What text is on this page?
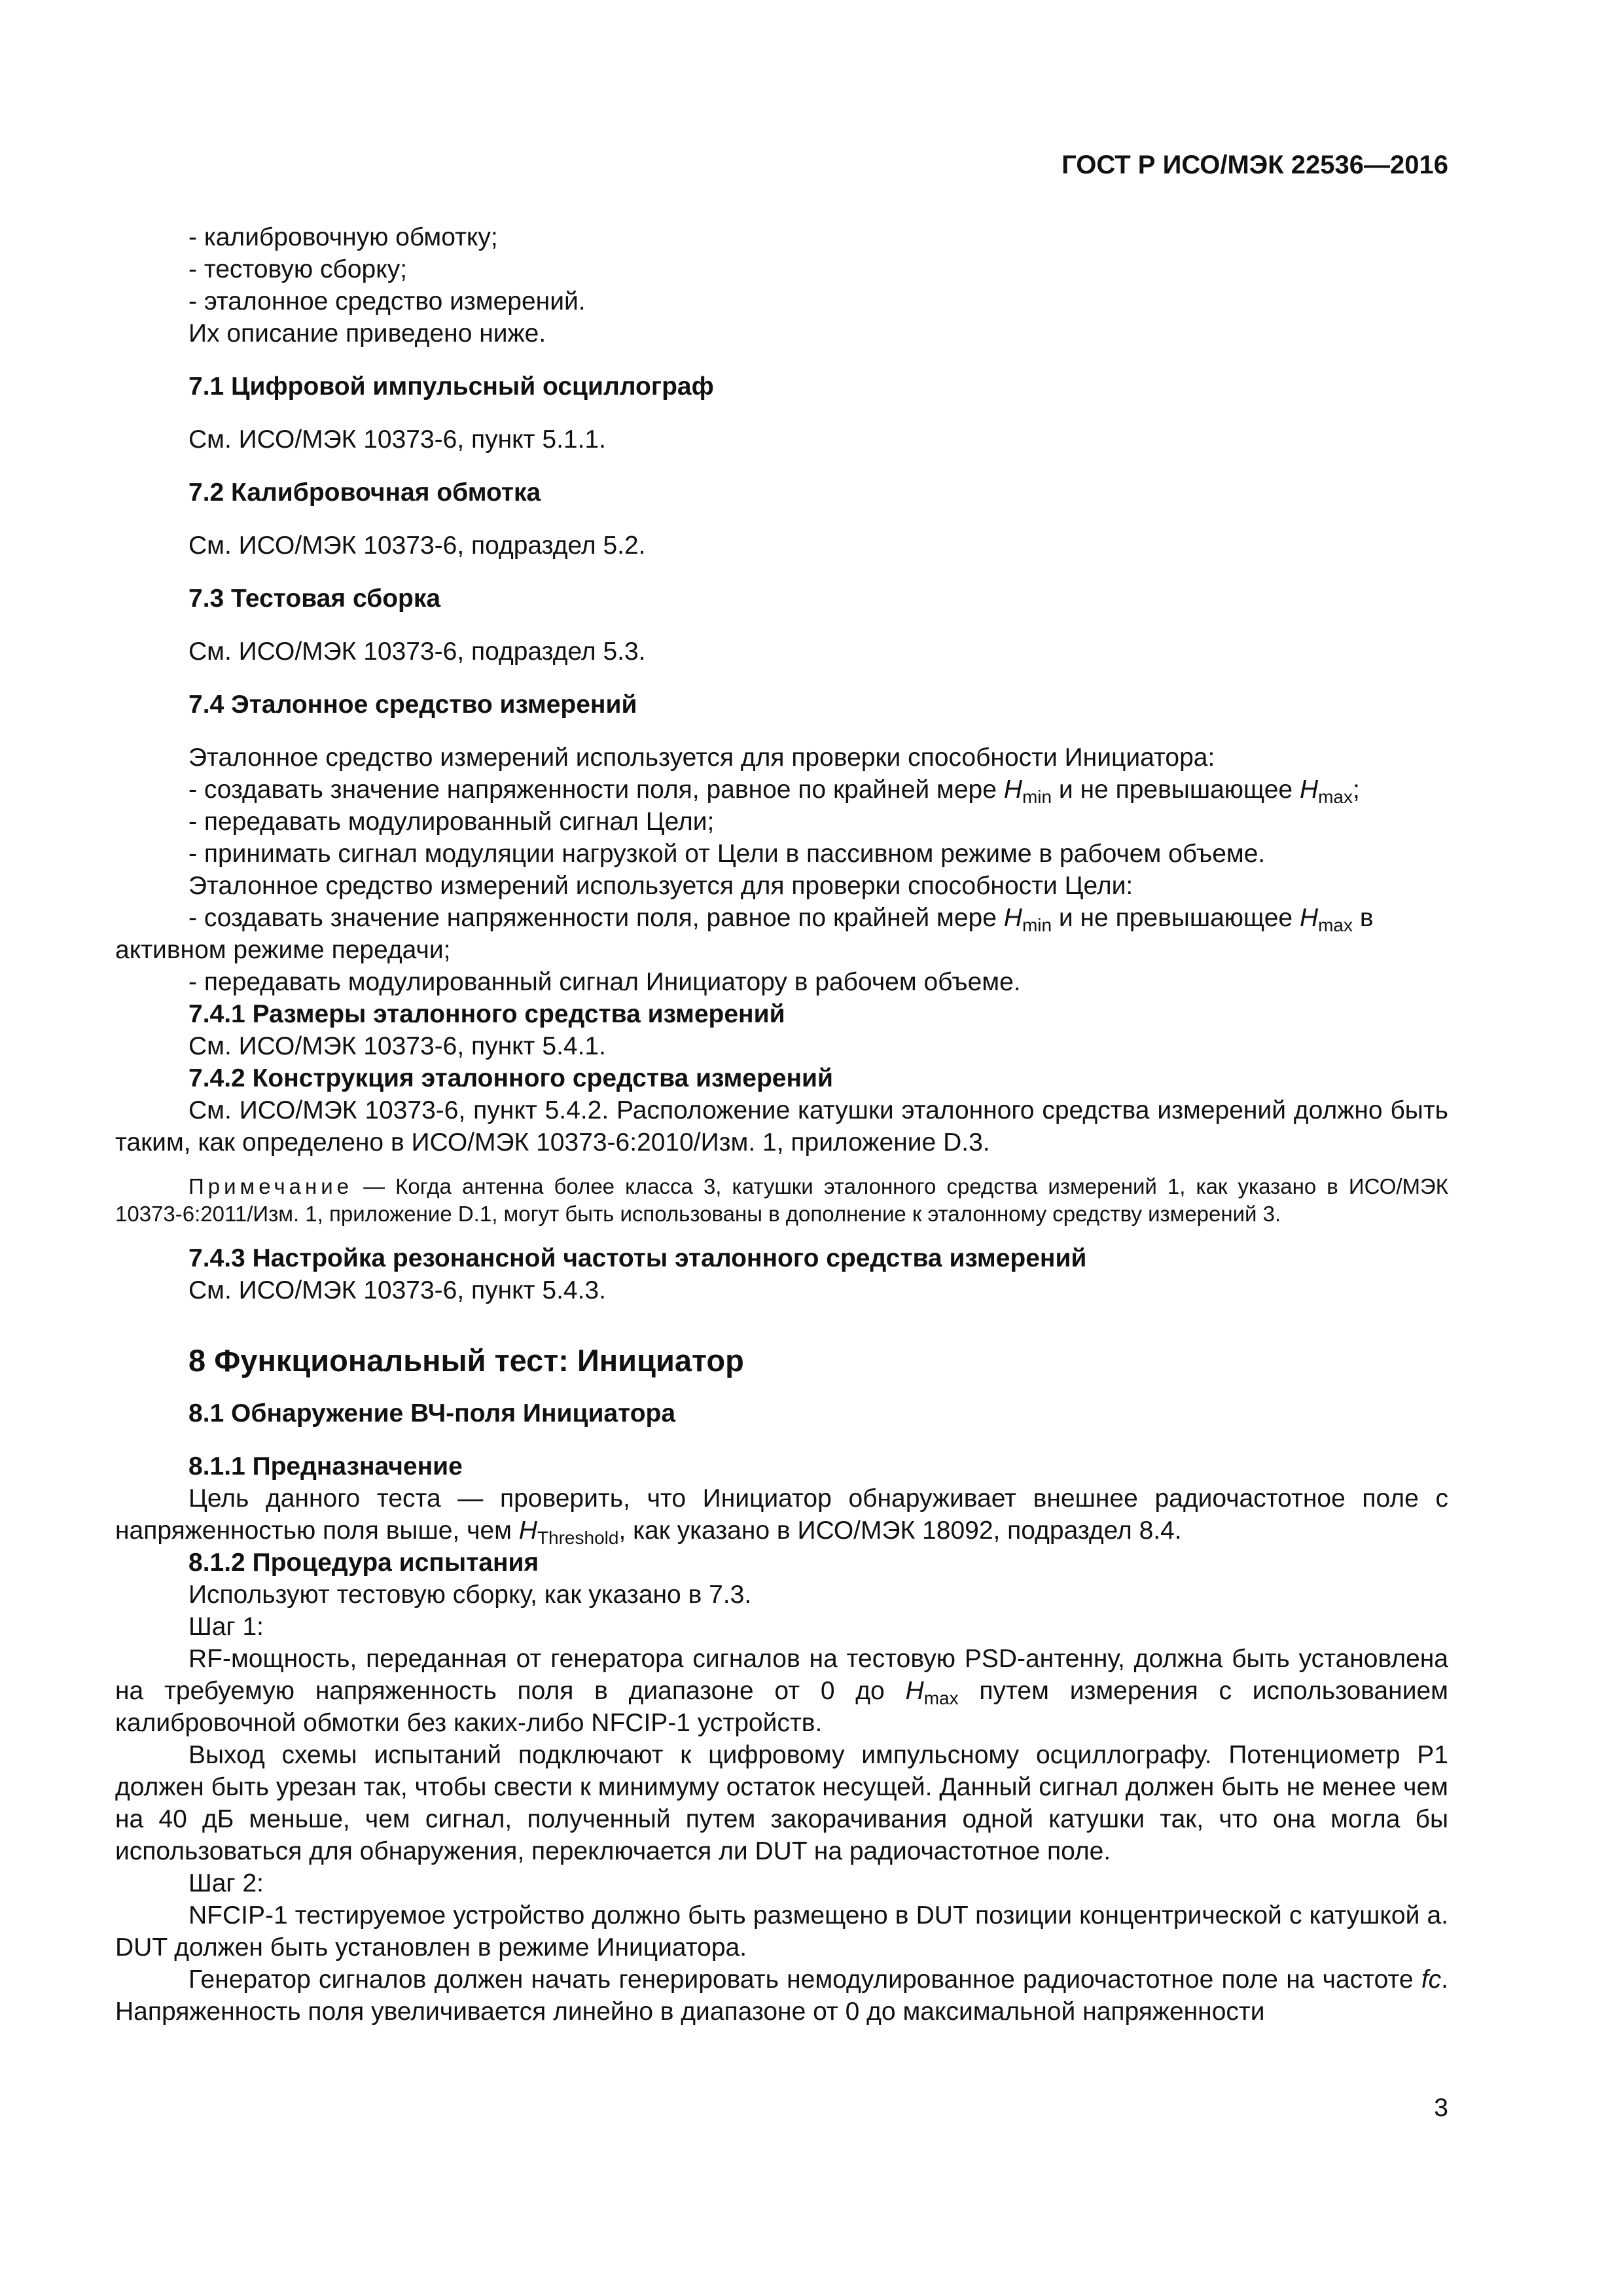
ГОСТ Р ИСО/МЭК 22536—2016

- калибровочную обмотку;

- тестовую сборку;

- эталонное средство измерений.

Их описание приведено ниже.

7.1 Цифровой импульсный осциллограф

См. ИСО/МЭК 10373-6, пункт 5.1.1.

7.2 Калибровочная обмотка

См. ИСО/МЭК 10373-6, подраздел 5.2.

7.3 Тестовая сборка

См. ИСО/МЭК 10373-6, подраздел 5.3.

7.4 Эталонное средство измерений

Эталонное средство измерений используется для проверки способности Инициатора:

- создавать значение напряженности поля, равное по крайней мере $H_{min}$ и не превышающее $H_{max}$;

- передавать модулированный сигнал Цели;

- принимать сигнал модуляции нагрузкой от Цели в пассивном режиме в рабочем объеме.

Эталонное средство измерений используется для проверки способности Цели:

- создавать значение напряженности поля, равное по крайней мере $H_{min}$ и не превышающее $H_{max}$ в активном режиме передачи;

- передавать модулированный сигнал Инициатору в рабочем объеме.

7.4.1 Размеры эталонного средства измерений

См. ИСО/МЭК 10373-6, пункт 5.4.1.

7.4.2 Конструкция эталонного средства измерений

См. ИСО/МЭК 10373-6, пункт 5.4.2. Расположение катушки эталонного средства измерений должно быть таким, как определено в ИСО/МЭК 10373-6:2010/Изм. 1, приложение D.3.

Примечание — Когда антенна более класса 3, катушки эталонного средства измерений 1, как указано в ИСО/МЭК 10373-6:2011/Изм. 1, приложение D.1, могут быть использованы в дополнение к эталонному средству измерений 3.

7.4.3 Настройка резонансной частоты эталонного средства измерений

См. ИСО/МЭК 10373-6, пункт 5.4.3.

8 Функциональный тест: Инициатор

8.1 Обнаружение ВЧ-поля Инициатора

8.1.1 Предназначение

Цель данного теста — проверить, что Инициатор обнаруживает внешнее радиочастотное поле с напряженностью поля выше, чем $H_{Threshold}$, как указано в ИСО/МЭК 18092, подраздел 8.4.

8.1.2 Процедура испытания

Используют тестовую сборку, как указано в 7.3.

Шаг 1:

RF-мощность, переданная от генератора сигналов на тестовую PSD-антенну, должна быть установлена на требуемую напряженность поля в диапазоне от 0 до $H_{max}$ путем измерения с использованием калибровочной обмотки без каких-либо NFCIP-1 устройств.

Выход схемы испытаний подключают к цифровому импульсному осциллографу. Потенциометр P1 должен быть урезан так, чтобы свести к минимуму остаток несущей. Данный сигнал должен быть не менее чем на 40 дБ меньше, чем сигнал, полученный путем закорачивания одной катушки так, что она могла бы использоваться для обнаружения, переключается ли DUT на радиочастотное поле.

Шаг 2:

NFCIP-1 тестируемое устройство должно быть размещено в DUT позиции концентрической с катушкой а. DUT должен быть установлен в режиме Инициатора.

Генератор сигналов должен начать генерировать немодулированное радиочастотное поле на частоте fc. Напряженность поля увеличивается линейно в диапазоне от 0 до максимальной напряженности

3
